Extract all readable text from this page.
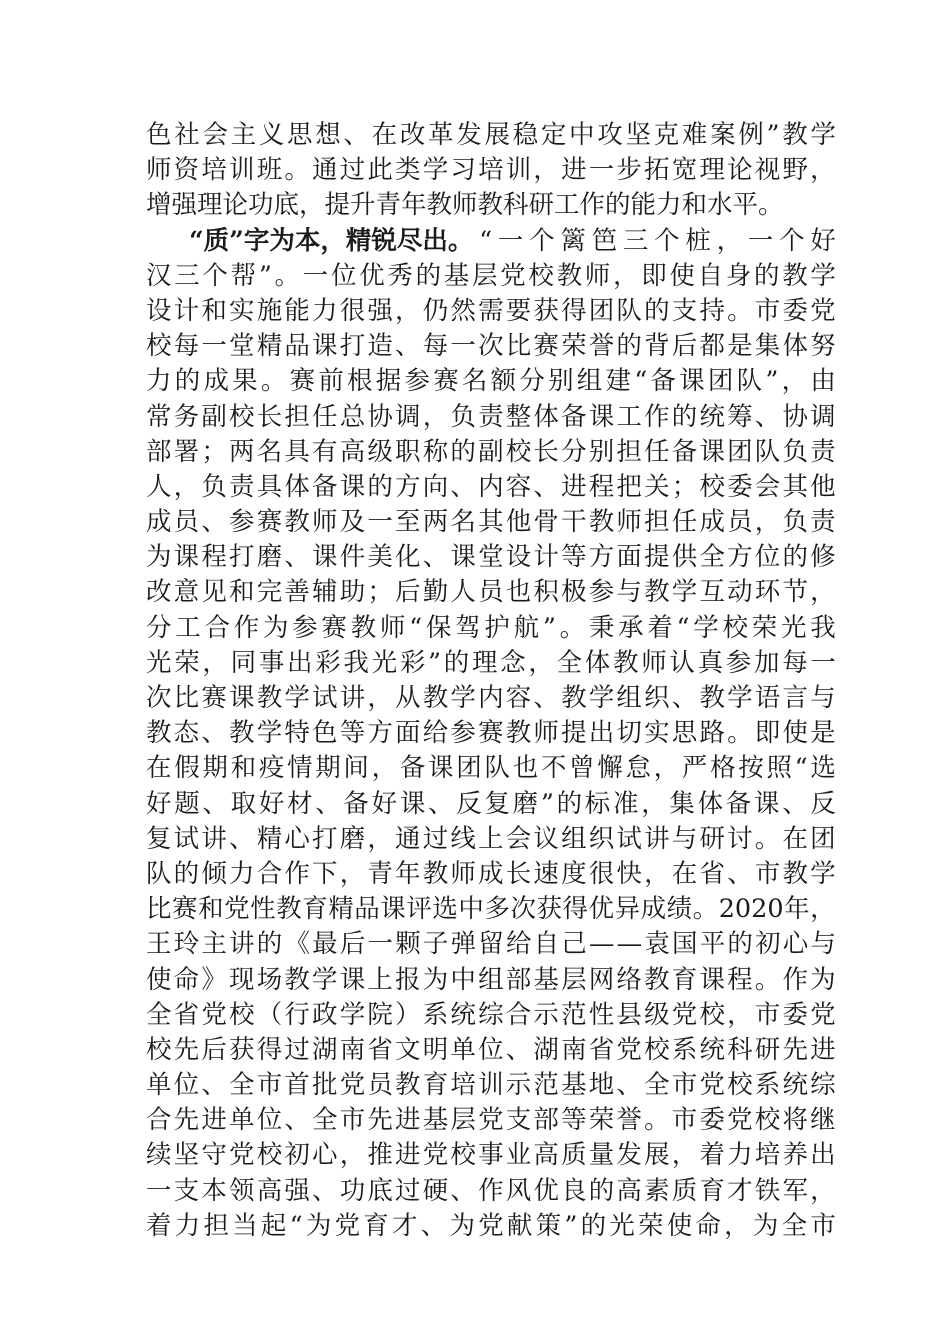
色 社 会 主 义 思 想 、 在 改 革 发 展 稳 定 中 攻 坚 克 难 案 例 ” 教 学
师 资 培 训 班 。 通 过 此 类 学 习 培 训 ， 进 一 步 拓 宽 理 论 视 野 ，
增强理论功底，提升青年教师教科研工作的能力和水平。
“质”字为本，精锐尽出。 “ 一 个 篱 笆 三 个 桩 ， 一 个 好
汉 三 个 帮 ” 。 一 位 优 秀 的 基 层 党 校 教 师 ， 即 使 自 身 的 教 学
设 计 和 实 施 能 力 很 强 ， 仍 然 需 要 获 得 团 队 的 支 持 。 市 委 党
校 每 一 堂 精 品 课 打 造 、 每 一 次 比 赛 荣 誉 的 背 后 都 是 集 体 努
力 的 成 果 。 赛 前 根 据 参 赛 名 额 分 别 组 建 “ 备 课 团 队 ” ， 由
常 务 副 校 长 担 任 总 协 调 ， 负 责 整 体 备 课 工 作 的 统 筹 、 协 调
部 署 ； 两 名 具 有 高 级 职 称 的 副 校 长 分 别 担 任 备 课 团 队 负 责
人 ， 负 责 具 体 备 课 的 方 向 、 内 容 、 进 程 把 关 ； 校 委 会 其 他
成 员 、 参 赛 教 师 及 一 至 两 名 其 他 骨 干 教 师 担 任 成 员 ， 负 责
为 课 程 打 磨 、 课 件 美 化 、 课 堂 设 计 等 方 面 提 供 全 方 位 的 修
改 意 见 和 完 善 辅 助 ； 后 勤 人 员 也 积 极 参 与 教 学 互 动 环 节 ，
分 工 合 作 为 参 赛 教 师 “ 保 驾 护 航 ” 。 秉 承 着 “ 学 校 荣 光 我
光 荣 ， 同 事 出 彩 我 光 彩 ” 的 理 念 ， 全 体 教 师 认 真 参 加 每 一
次 比 赛 课 教 学 试 讲 ， 从 教 学 内 容 、 教 学 组 织 、 教 学 语 言 与
教 态 、 教 学 特 色 等 方 面 给 参 赛 教 师 提 出 切 实 思 路 。 即 使 是
在 假 期 和 疫 情 期 间 ， 备 课 团 队 也 不 曾 懈 怠 ， 严 格 按 照 “ 选
好 题 、 取 好 材 、 备 好 课 、 反 复 磨 ” 的 标 准 ， 集 体 备 课 、 反
复 试 讲 、 精 心 打 磨 ， 通 过 线 上 会 议 组 织 试 讲 与 研 讨 。 在 团
队 的 倾 力 合 作 下 ， 青 年 教 师 成 长 速 度 很 快 ， 在 省 、 市 教 学
比 赛 和 党 性 教 育 精 品 课 评 选 中 多 次 获 得 优 异 成 绩 。 2020 年 ，
王 玲 主 讲 的 《 最 后 一 颗 子 弹 留 给 自 己 — — 袁 国 平 的 初 心 与
使 命 》 现 场 教 学 课 上 报 为 中 组 部 基 层 网 络 教 育 课 程 。 作 为
全 省 党 校 （ 行 政 学 院 ） 系 统 综 合 示 范 性 县 级 党 校 ， 市 委 党
校 先 后 获 得 过 湖 南 省 文 明 单 位 、 湖 南 省 党 校 系 统 科 研 先 进
单 位 、 全 市 首 批 党 员 教 育 培 训 示 范 基 地 、 全 市 党 校 系 统 综
合 先 进 单 位 、 全 市 先 进 基 层 党 支 部 等 荣 誉 。 市 委 党 校 将 继
续 坚 守 党 校 初 心 ， 推 进 党 校 事 业 高 质 量 发 展 ， 着 力 培 养 出
一 支 本 领 高 强 、 功 底 过 硬 、 作 风 优 良 的 高 素 质 育 才 铁 军 ，
着 力 担 当 起 “ 为 党 育 才 、 为 党 献 策 ” 的 光 荣 使 命 ， 为 全 市
